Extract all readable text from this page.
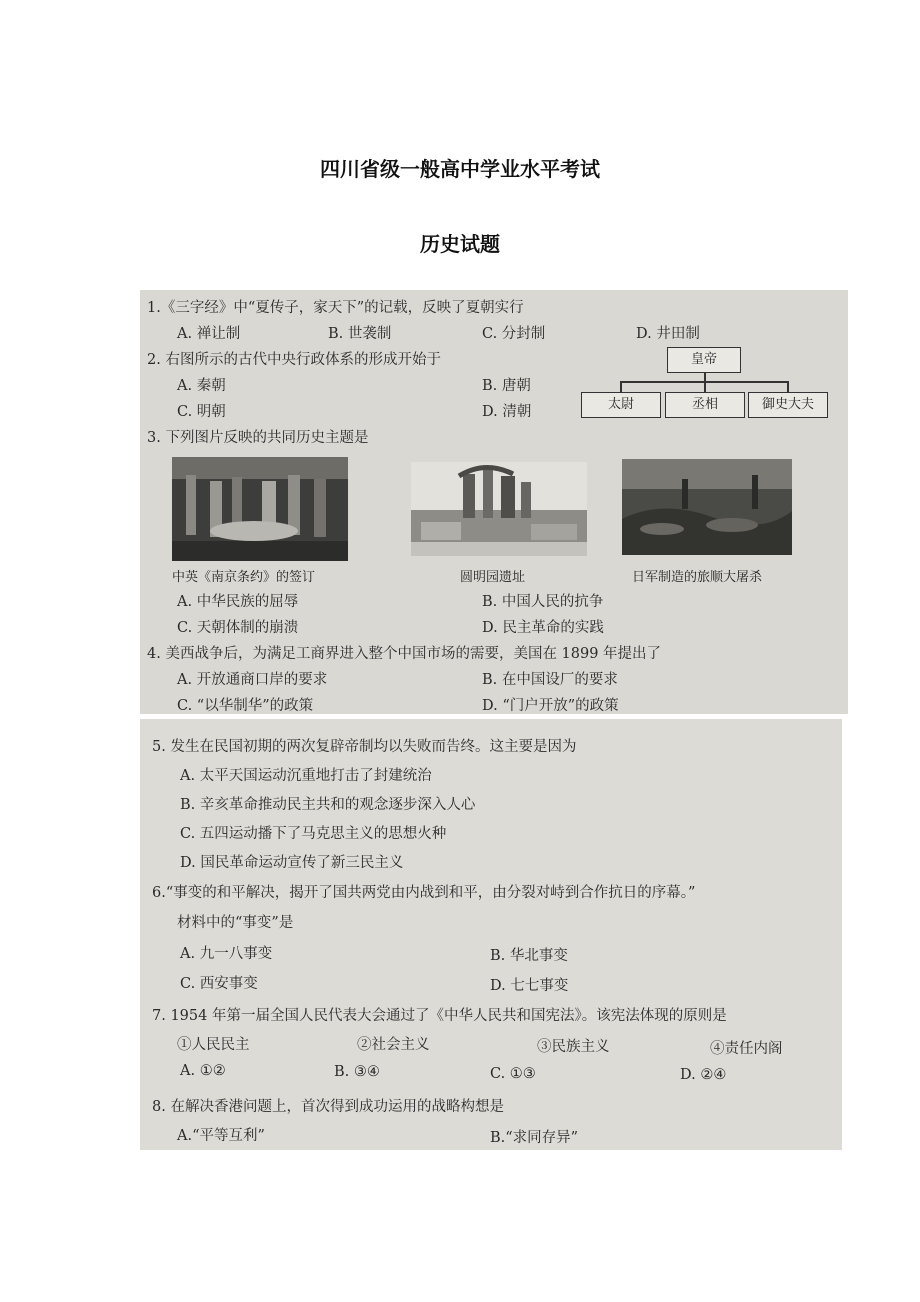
四川省级一般高中学业水平考试
历史试题
1.《三字经》中“夏传子，家天下”的记载，反映了夏朝实行
A. 禅让制	B. 世袭制	C. 分封制	D. 井田制
2. 右图所示的古代中央行政体系的形成开始于
A. 秦朝	B. 唐朝
C. 明朝	D. 清朝
皇帝
太尉	丞相	御史大夫
3. 下列图片反映的共同历史主题是
中英《南京条约》的签订	圆明园遗址	日军制造的旅顺大屠杀
A. 中华民族的屈辱	B. 中国人民的抗争
C. 天朝体制的崩溃	D. 民主革命的实践
4. 美西战争后，为满足工商界进入整个中国市场的需要，美国在 1899 年提出了
A. 开放通商口岸的要求	B. 在中国设厂的要求
C. “以华制华”的政策	D. “门户开放”的政策
5. 发生在民国初期的两次复辟帝制均以失败而告终。这主要是因为
A. 太平天国运动沉重地打击了封建统治
B. 辛亥革命推动民主共和的观念逐步深入人心
C. 五四运动播下了马克思主义的思想火种
D. 国民革命运动宣传了新三民主义
6.“事变的和平解决，揭开了国共两党由内战到和平，由分裂对峙到合作抗日的序幕。”
材料中的“事变”是
A. 九一八事变	B. 华北事变
C. 西安事变	D. 七七事变
7. 1954 年第一届全国人民代表大会通过了《中华人民共和国宪法》。该宪法体现的原则是
①人民民主	②社会主义	③民族主义	④责任内阁
A. ①②	B. ③④	C. ①③	D. ②④
8. 在解决香港问题上，首次得到成功运用的战略构想是
A.“平等互利”	B.“求同存异”
